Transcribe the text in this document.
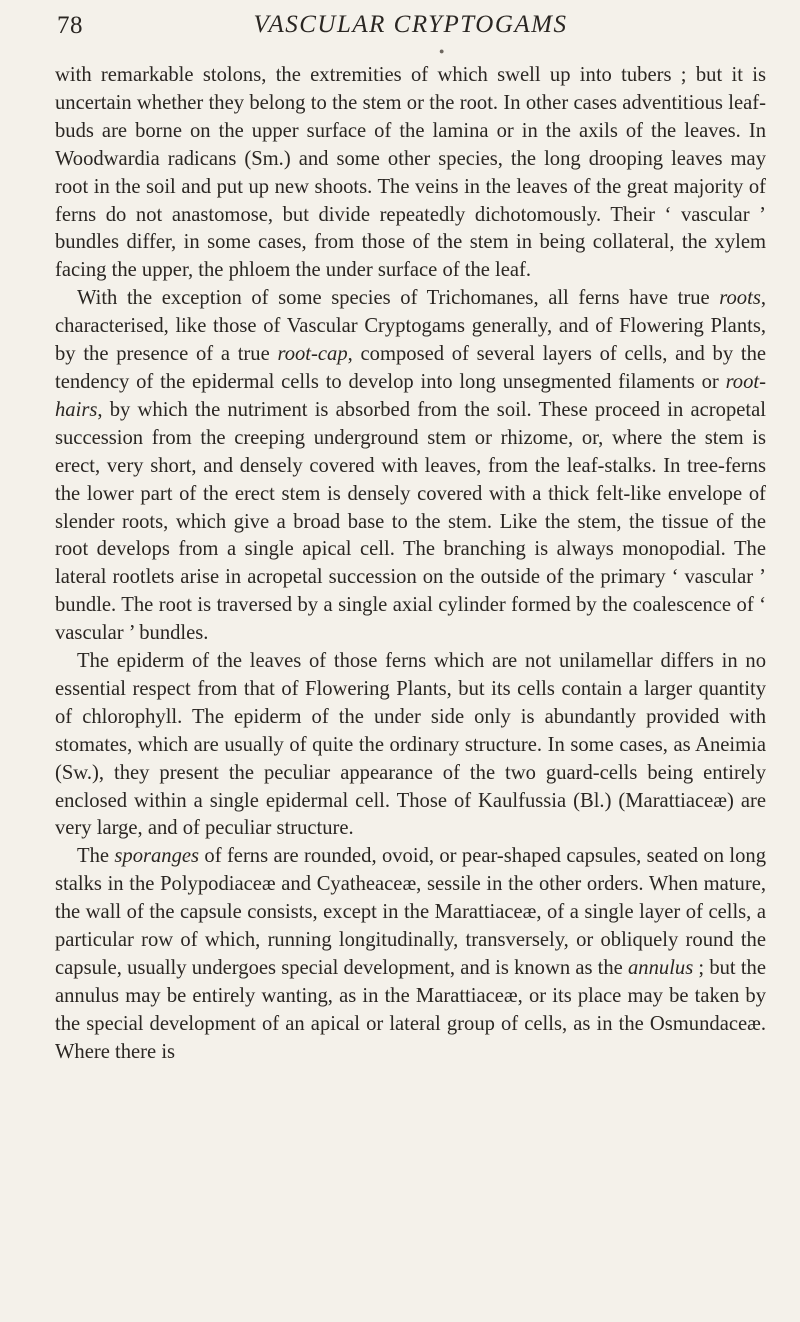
78	VASCULAR CRYPTOGAMS
●

with remarkable stolons, the extremities of which swell up into tubers ; but it is uncertain whether they belong to the stem or the root. In other cases adventitious leaf-buds are borne on the upper surface of the lamina or in the axils of the leaves. In Woodwardia radicans (Sm.) and some other species, the long drooping leaves may root in the soil and put up new shoots. The veins in the leaves of the great majority of ferns do not anastomose, but divide repeatedly dichotomously. Their ‘ vascular ’ bundles differ, in some cases, from those of the stem in being collateral, the xylem facing the upper, the phloem the under surface of the leaf.

With the exception of some species of Trichomanes, all ferns have true roots, characterised, like those of Vascular Cryptogams generally, and of Flowering Plants, by the presence of a true root-cap, composed of several layers of cells, and by the tendency of the epidermal cells to develop into long unsegmented filaments or root-hairs, by which the nutriment is absorbed from the soil. These proceed in acropetal succession from the creeping underground stem or rhizome, or, where the stem is erect, very short, and densely covered with leaves, from the leaf-stalks. In tree-ferns the lower part of the erect stem is densely covered with a thick felt-like envelope of slender roots, which give a broad base to the stem. Like the stem, the tissue of the root develops from a single apical cell. The branching is always monopodial. The lateral rootlets arise in acropetal succession on the outside of the primary ‘ vascular ’ bundle. The root is traversed by a single axial cylinder formed by the coalescence of ‘ vascular ’ bundles.

The epiderm of the leaves of those ferns which are not unilamellar differs in no essential respect from that of Flowering Plants, but its cells contain a larger quantity of chlorophyll. The epiderm of the under side only is abundantly provided with stomates, which are usually of quite the ordinary structure. In some cases, as Aneimia (Sw.), they present the peculiar appearance of the two guard-cells being entirely enclosed within a single epidermal cell. Those of Kaulfussia (Bl.) (Marattiaceæ) are very large, and of peculiar structure.

The sporanges of ferns are rounded, ovoid, or pear-shaped capsules, seated on long stalks in the Polypodiaceæ and Cyatheaceæ, sessile in the other orders. When mature, the wall of the capsule consists, except in the Marattiaceæ, of a single layer of cells, a particular row of which, running longitudinally, transversely, or obliquely round the capsule, usually undergoes special development, and is known as the annulus ; but the annulus may be entirely wanting, as in the Marattiaceæ, or its place may be taken by the special development of an apical or lateral group of cells, as in the Osmundaceæ. Where there is
